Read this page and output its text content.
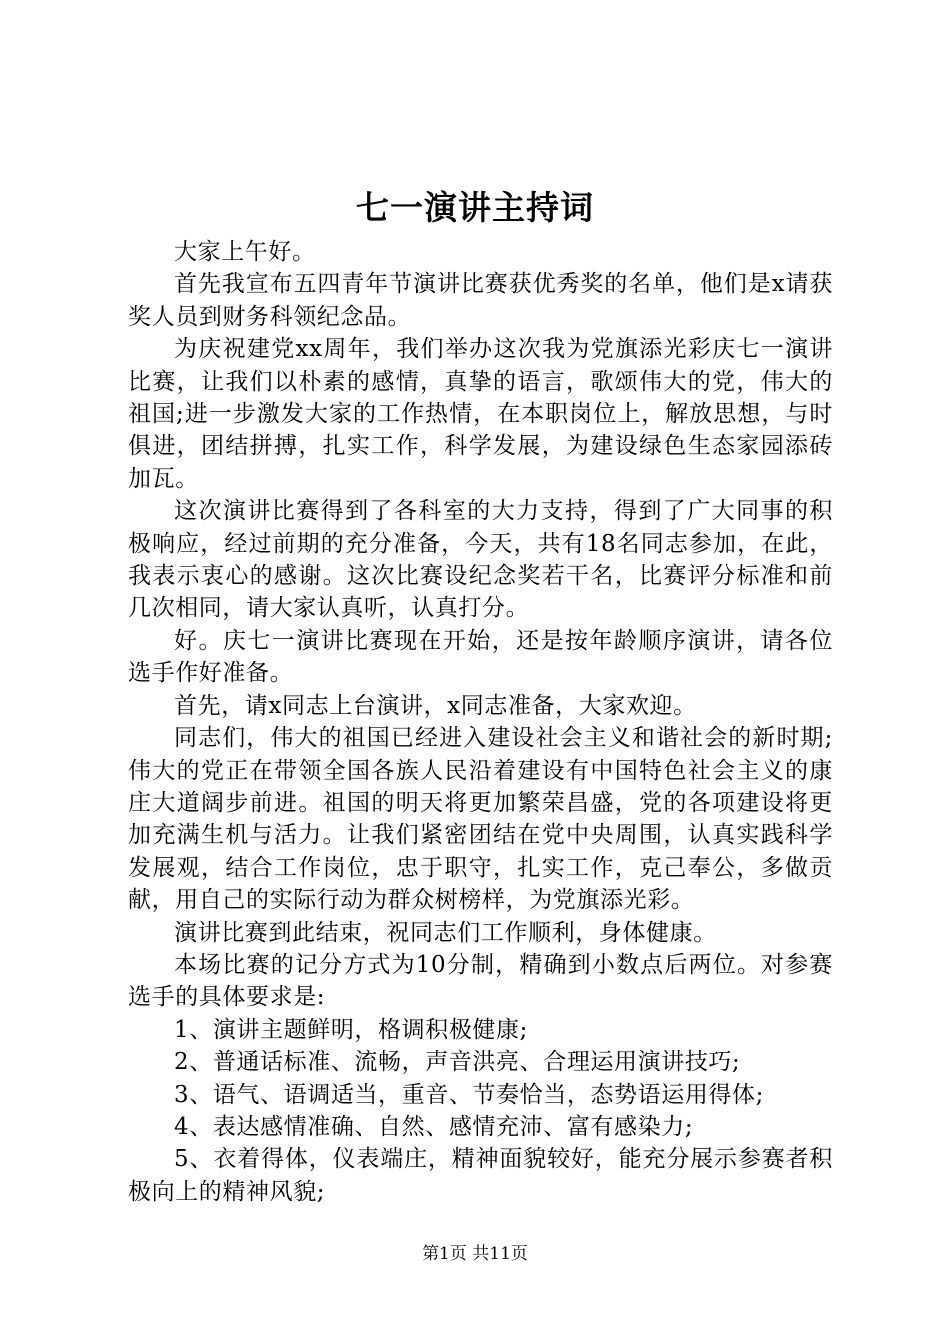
七一演讲主持词

大家上午好。

首先我宣布五四青年节演讲比赛获优秀奖的名单，他们是x请获奖人员到财务科领纪念品。

为庆祝建党xx周年，我们举办这次我为党旗添光彩庆七一演讲比赛，让我们以朴素的感情，真挚的语言，歌颂伟大的党，伟大的祖国;进一步激发大家的工作热情，在本职岗位上，解放思想，与时俱进，团结拼搏，扎实工作，科学发展，为建设绿色生态家园添砖加瓦。

这次演讲比赛得到了各科室的大力支持，得到了广大同事的积极响应，经过前期的充分准备，今天，共有18名同志参加，在此，我表示衷心的感谢。这次比赛设纪念奖若干名，比赛评分标准和前几次相同，请大家认真听，认真打分。

好。庆七一演讲比赛现在开始，还是按年龄顺序演讲，请各位选手作好准备。

首先，请x同志上台演讲，x同志准备，大家欢迎。

同志们，伟大的祖国已经进入建设社会主义和谐社会的新时期;伟大的党正在带领全国各族人民沿着建设有中国特色社会主义的康庄大道阔步前进。祖国的明天将更加繁荣昌盛，党的各项建设将更加充满生机与活力。让我们紧密团结在党中央周围，认真实践科学发展观，结合工作岗位，忠于职守，扎实工作，克己奉公，多做贡献，用自己的实际行动为群众树榜样，为党旗添光彩。

演讲比赛到此结束，祝同志们工作顺利，身体健康。

本场比赛的记分方式为10分制，精确到小数点后两位。对参赛选手的具体要求是:

1、演讲主题鲜明，格调积极健康;

2、普通话标准、流畅，声音洪亮、合理运用演讲技巧;

3、语气、语调适当，重音、节奏恰当，态势语运用得体;

4、表达感情准确、自然、感情充沛、富有感染力;

5、衣着得体，仪表端庄，精神面貌较好，能充分展示参赛者积极向上的精神风貌;

第1页 共11页
